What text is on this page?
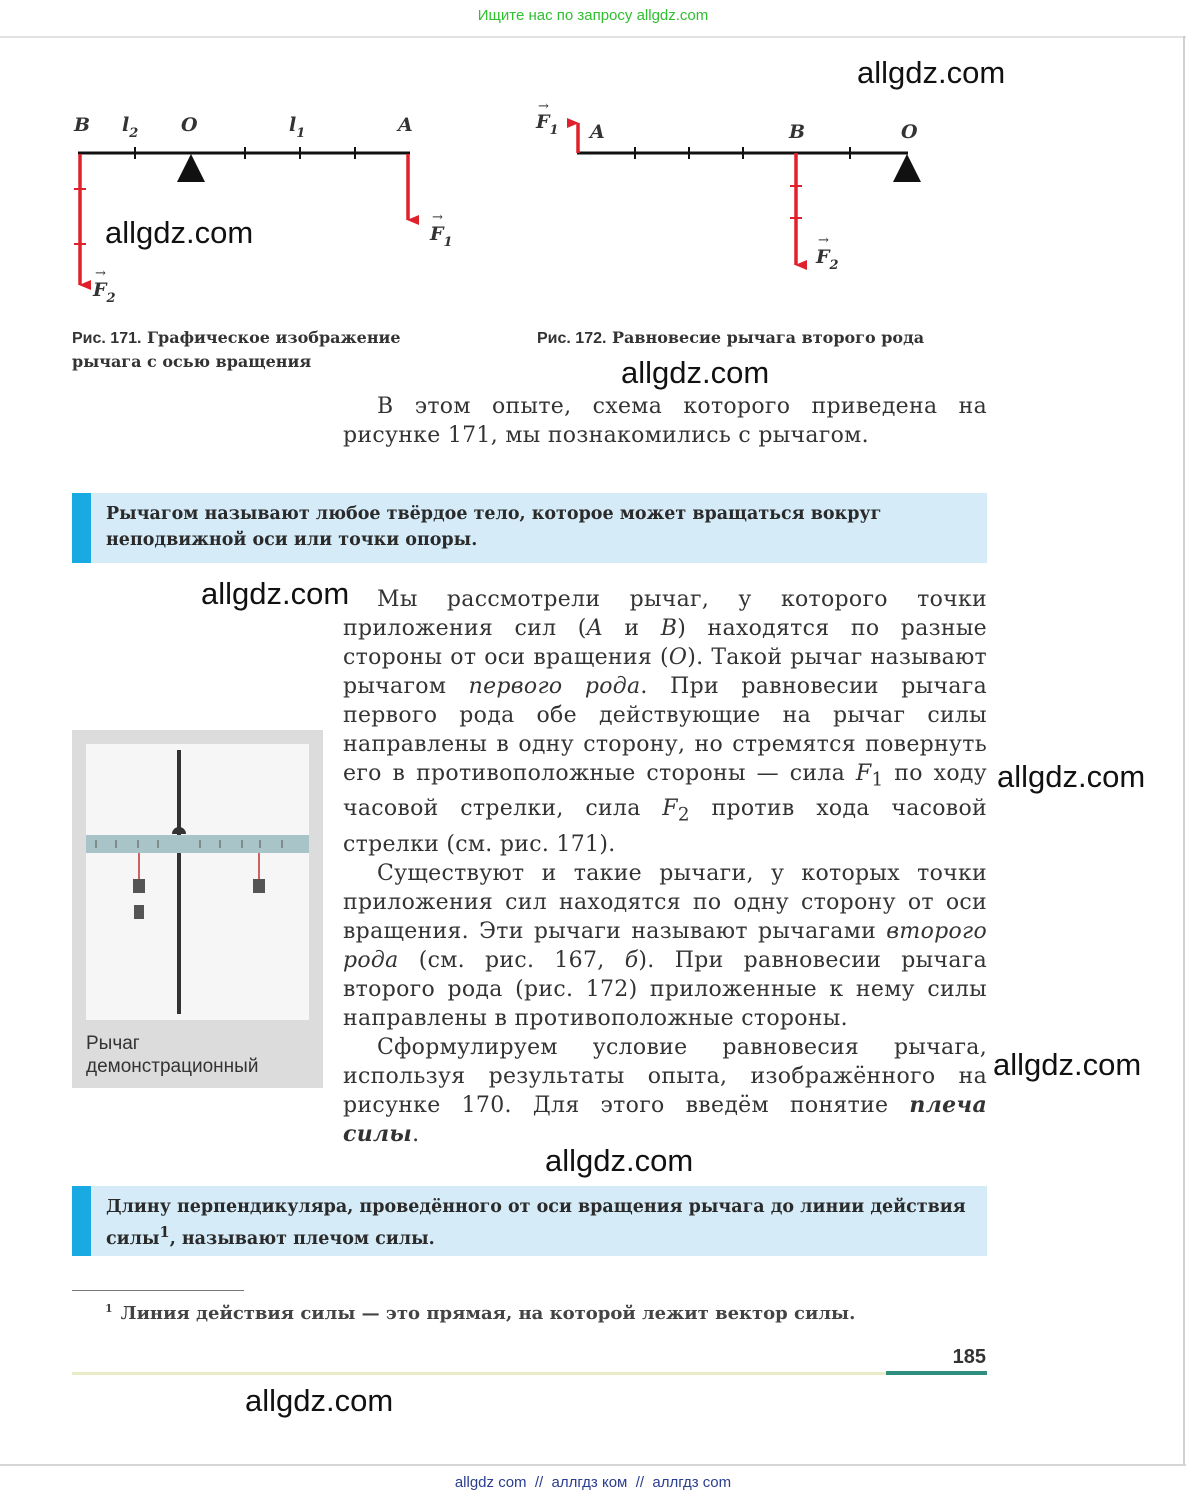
Ищите нас по запросу allgdz.com
B $l_2$ O	$l_1$	A
$F_1$
→
$F_2$
→
$F_1$
→
A	B	O
$F_2$
→
Рис. 171. Графическое изображение рычага с осью вращения
Рис. 172. Равновесие рычага второго рода

В этом опыте, схема которого приведена на рисунке 171, мы познакомились с рычагом.

Рычагом называют любое твёрдое тело, которое может вращаться вокруг неподвижной оси или точки опоры.
Рычаг демонстрационный

Мы рассмотрели рычаг, у которого точки приложения сил (A и B) находятся по разные стороны от оси вращения (O). Такой рычаг называют рычагом первого рода. При равновесии рычага первого рода обе действующие на рычаг силы направлены в одну сторону, но стремятся повернуть его в противоположные стороны — сила $F_1$ по ходу часовой стрелки, сила $F_2$ против хода часовой стрелки (см. рис. 171).

Существуют и такие рычаги, у которых точки приложения сил находятся по одну сторону от оси вращения. Эти рычаги называют рычагами второго рода (см. рис. 167, б). При равновесии рычага второго рода (рис. 172) приложенные к нему силы направлены в противоположные стороны.

Сформулируем условие равновесия рычага, используя результаты опыта, изображённого на рисунке 170. Для этого введём понятие плеча силы.

Длину перпендикуляра, проведённого от оси вращения рычага до линии действия силы$^1$, называют плечом силы.
$^1$ Линия действия силы — это прямая, на которой лежит вектор силы.
185
allgdz.com
allgdz.com
allgdz.com
allgdz.com
allgdz.com
allgdz.com
allgdz.com
allgdz.com
allgdz com  //  аллгдз ком  //  аллгдз com
